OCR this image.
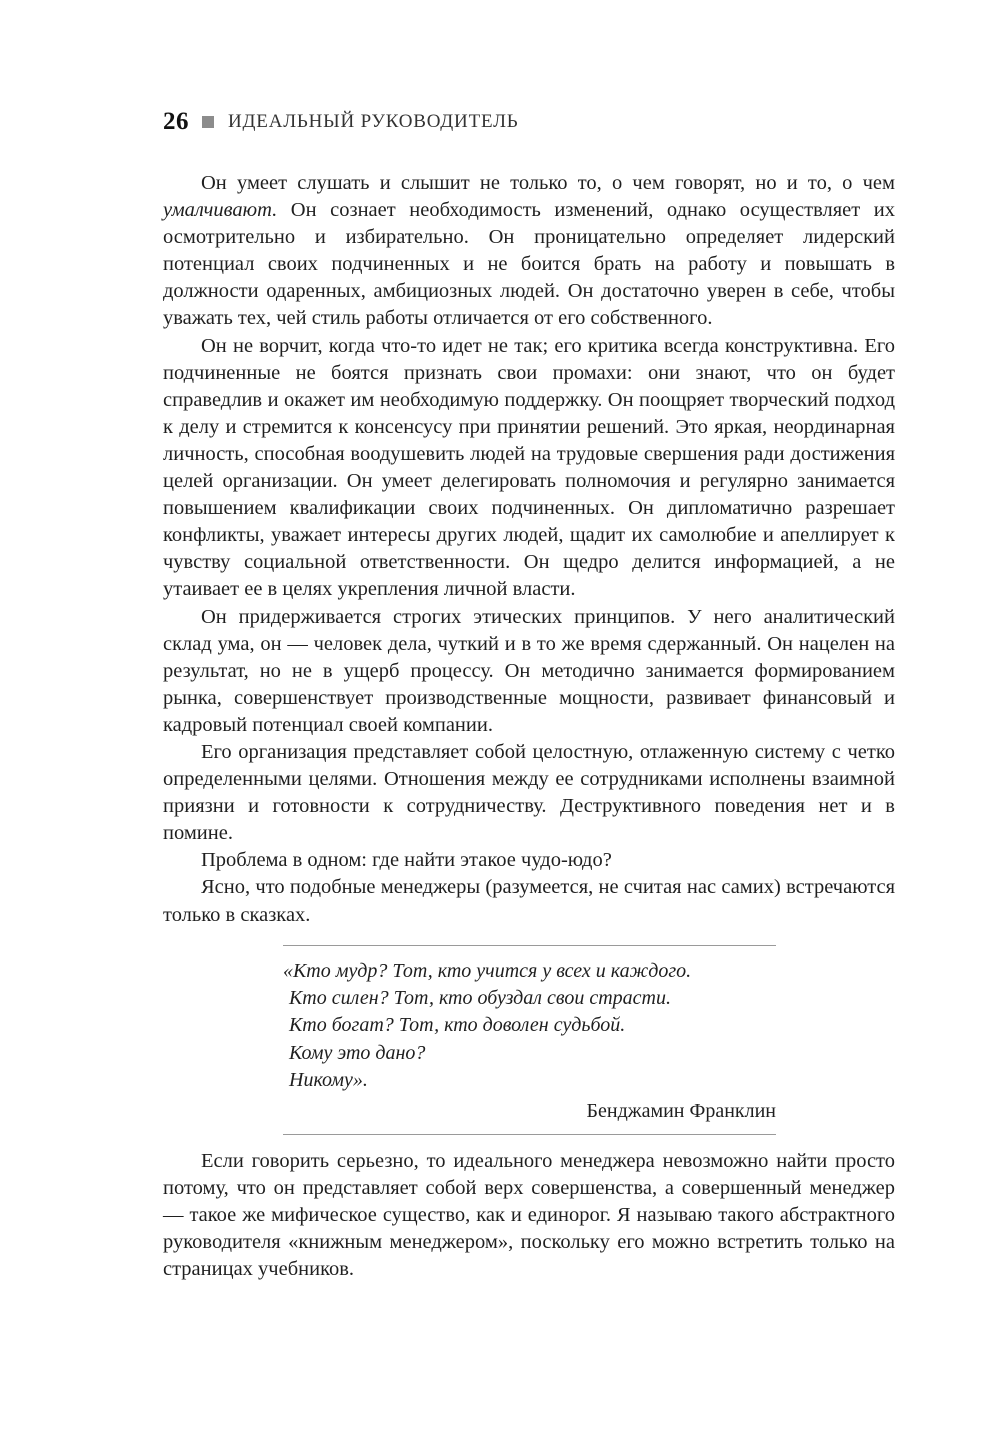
26 ИДЕАЛЬНЫЙ РУКОВОДИТЕЛЬ

Он умеет слушать и слышит не только то, о чем говорят, но и то, о чем умалчивают. Он сознает необходимость изменений, однако осуществляет их осмотрительно и избирательно. Он проницательно определяет лидерский потенциал своих подчиненных и не боится брать на работу и повышать в должности одаренных, амбициозных людей. Он достаточно уверен в себе, чтобы уважать тех, чей стиль работы отличается от его собственного.

Он не ворчит, когда что-то идет не так; его критика всегда конструктивна. Его подчиненные не боятся признать свои промахи: они знают, что он будет справедлив и окажет им необходимую поддержку. Он поощряет творческий подход к делу и стремится к консенсусу при принятии решений. Это яркая, неординарная личность, способная воодушевить людей на трудовые свершения ради достижения целей организации. Он умеет делегировать полномочия и регулярно занимается повышением квалификации своих подчиненных. Он дипломатично разрешает конфликты, уважает интересы других людей, щадит их самолюбие и апеллирует к чувству социальной ответственности. Он щедро делится информацией, а не утаивает ее в целях укрепления личной власти.

Он придерживается строгих этических принципов. У него аналитический склад ума, он — человек дела, чуткий и в то же время сдержанный. Он нацелен на результат, но не в ущерб процессу. Он методично занимается формированием рынка, совершенствует производственные мощности, развивает финансовый и кадровый потенциал своей компании.

Его организация представляет собой целостную, отлаженную систему с четко определенными целями. Отношения между ее сотрудниками исполнены взаимной приязни и готовности к сотрудничеству. Деструктивного поведения нет и в помине.

Проблема в одном: где найти этакое чудо-юдо?

Ясно, что подобные менеджеры (разумеется, не считая нас самих) встречаются только в сказках.

«Кто мудр? Тот, кто учится у всех и каждого.
Кто силен? Тот, кто обуздал свои страсти.
Кто богат? Тот, кто доволен судьбой.
Кому это дано?
Никому».
Бенджамин Франклин

Если говорить серьезно, то идеального менеджера невозможно найти просто потому, что он представляет собой верх совершенства, а совершенный менеджер — такое же мифическое существо, как и единорог. Я называю такого абстрактного руководителя «книжным менеджером», поскольку его можно встретить только на страницах учебников.
